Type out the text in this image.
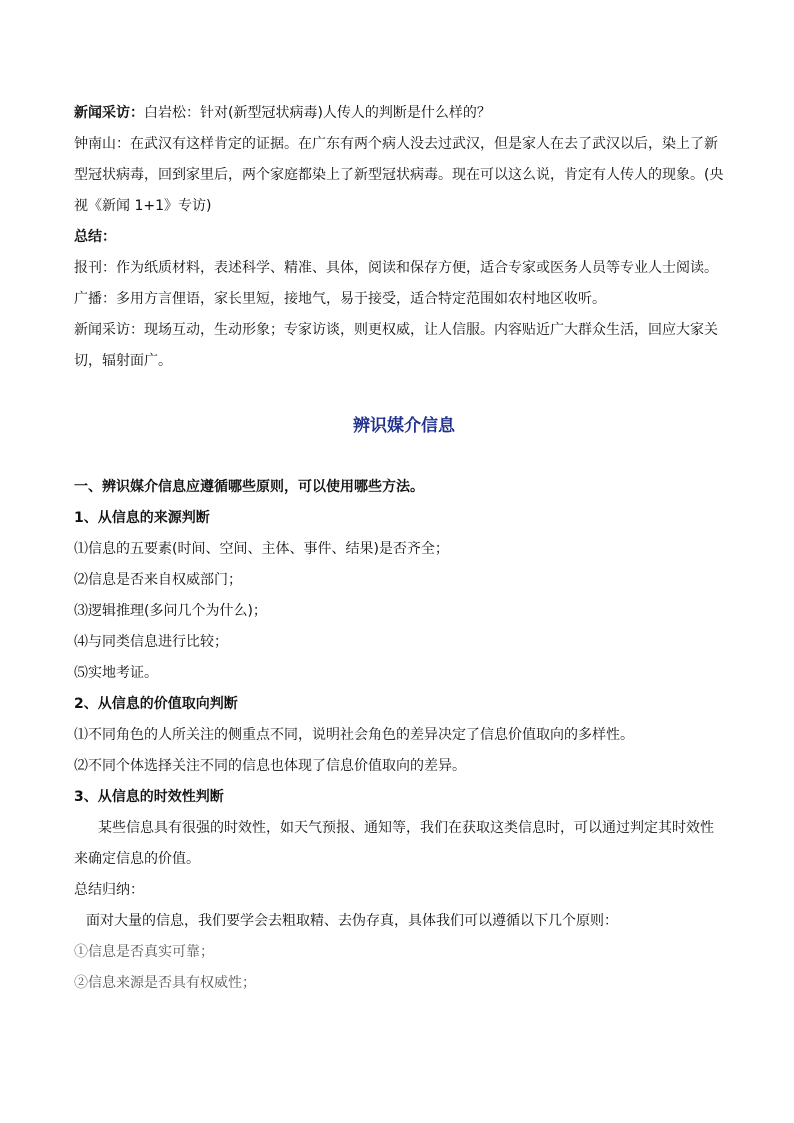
新闻采访：白岩松：针对(新型冠状病毒)人传人的判断是什么样的？

钟南山：在武汉有这样肯定的证据。在广东有两个病人没去过武汉，但是家人在去了武汉以后，染上了新

型冠状病毒，回到家里后，两个家庭都染上了新型冠状病毒。现在可以这么说，肯定有人传人的现象。(央

视《新闻 1+1》专访)

总结：

报刊：作为纸质材料，表述科学、精准、具体，阅读和保存方便，适合专家或医务人员等专业人士阅读。

广播：多用方言俚语，家长里短，接地气，易于接受，适合特定范围如农村地区收听。

新闻采访：现场互动，生动形象；专家访谈，则更权威，让人信服。内容贴近广大群众生活，回应大家关

切，辐射面广。

辨识媒介信息

一、辨识媒介信息应遵循哪些原则，可以使用哪些方法。

1、从信息的来源判断

⑴信息的五要素(时间、空间、主体、事件、结果)是否齐全；

⑵信息是否来自权威部门；

⑶逻辑推理(多问几个为什么)；

⑷与同类信息进行比较；

⑸实地考证。

2、从信息的价值取向判断

⑴不同角色的人所关注的侧重点不同，说明社会角色的差异决定了信息价值取向的多样性。

⑵不同个体选择关注不同的信息也体现了信息价值取向的差异。

3、从信息的时效性判断

某些信息具有很强的时效性，如天气预报、通知等，我们在获取这类信息时，可以通过判定其时效性

来确定信息的价值。

总结归纳：

面对大量的信息，我们要学会去粗取精、去伪存真，具体我们可以遵循以下几个原则：

①信息是否真实可靠；

②信息来源是否具有权威性；
